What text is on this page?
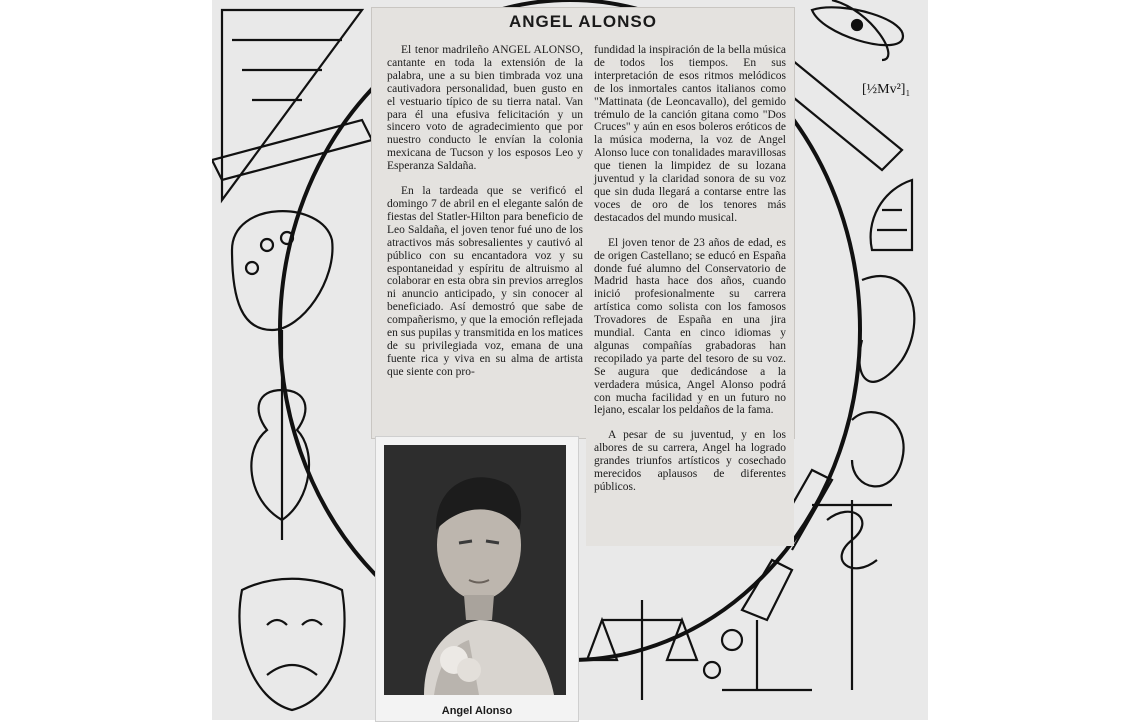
[½Mv²]₁
ANGEL ALONSO

El tenor madrileño ANGEL ALONSO, cantante en toda la extensión de la palabra, une a su bien timbrada voz una cautivadora personalidad, buen gusto en el vestuario típico de su tierra natal. Van para él una efusiva felicitación y un sincero voto de agradecimiento que por nuestro conducto le envían la colonia mexicana de Tucson y los esposos Leo y Esperanza Saldaña.

En la tardeada que se verificó el domingo 7 de abril en el elegante salón de fiestas del Statler-Hilton para beneficio de Leo Saldaña, el joven tenor fué uno de los atractivos más sobresalientes y cautivó al público con su encantadora voz y su espontaneidad y espíritu de altruismo al colaborar en esta obra sin previos arreglos ni anuncio anticipado, y sin conocer al beneficiado. Así demostró que sabe de compañerismo, y que la emoción reflejada en sus pupilas y transmitida en los matices de su privilegiada voz, emana de una fuente rica y viva en su alma de artista que siente con pro-

fundidad la inspiración de la bella música de todos los tiempos. En sus interpretación de esos ritmos melódicos de los inmortales cantos italianos como "Mattinata (de Leoncavallo), del gemido trémulo de la canción gitana como "Dos Cruces" y aún en esos boleros eróticos de la música moderna, la voz de Angel Alonso luce con tonalidades maravillosas que tienen la limpidez de su lozana juventud y la claridad sonora de su voz que sin duda llegará a contarse entre las voces de oro de los tenores más destacados del mundo musical.

El joven tenor de 23 años de edad, es de origen Castellano; se educó en España donde fué alumno del Conservatorio de Madrid hasta hace dos años, cuando inició profesionalmente su carrera artística como solista con los famosos Trovadores de España en una jira mundial. Canta en cinco idiomas y algunas compañías grabadoras han recopilado ya parte del tesoro de su voz. Se augura que dedicándose a la verdadera música, Angel Alonso podrá con mucha facilidad y en un futuro no lejano, escalar los peldaños de la fama.

A pesar de su juventud, y en los albores de su carrera, Angel ha logrado grandes triunfos artísticos y cosechado merecidos aplausos de diferentes públicos.

Angel Alonso
